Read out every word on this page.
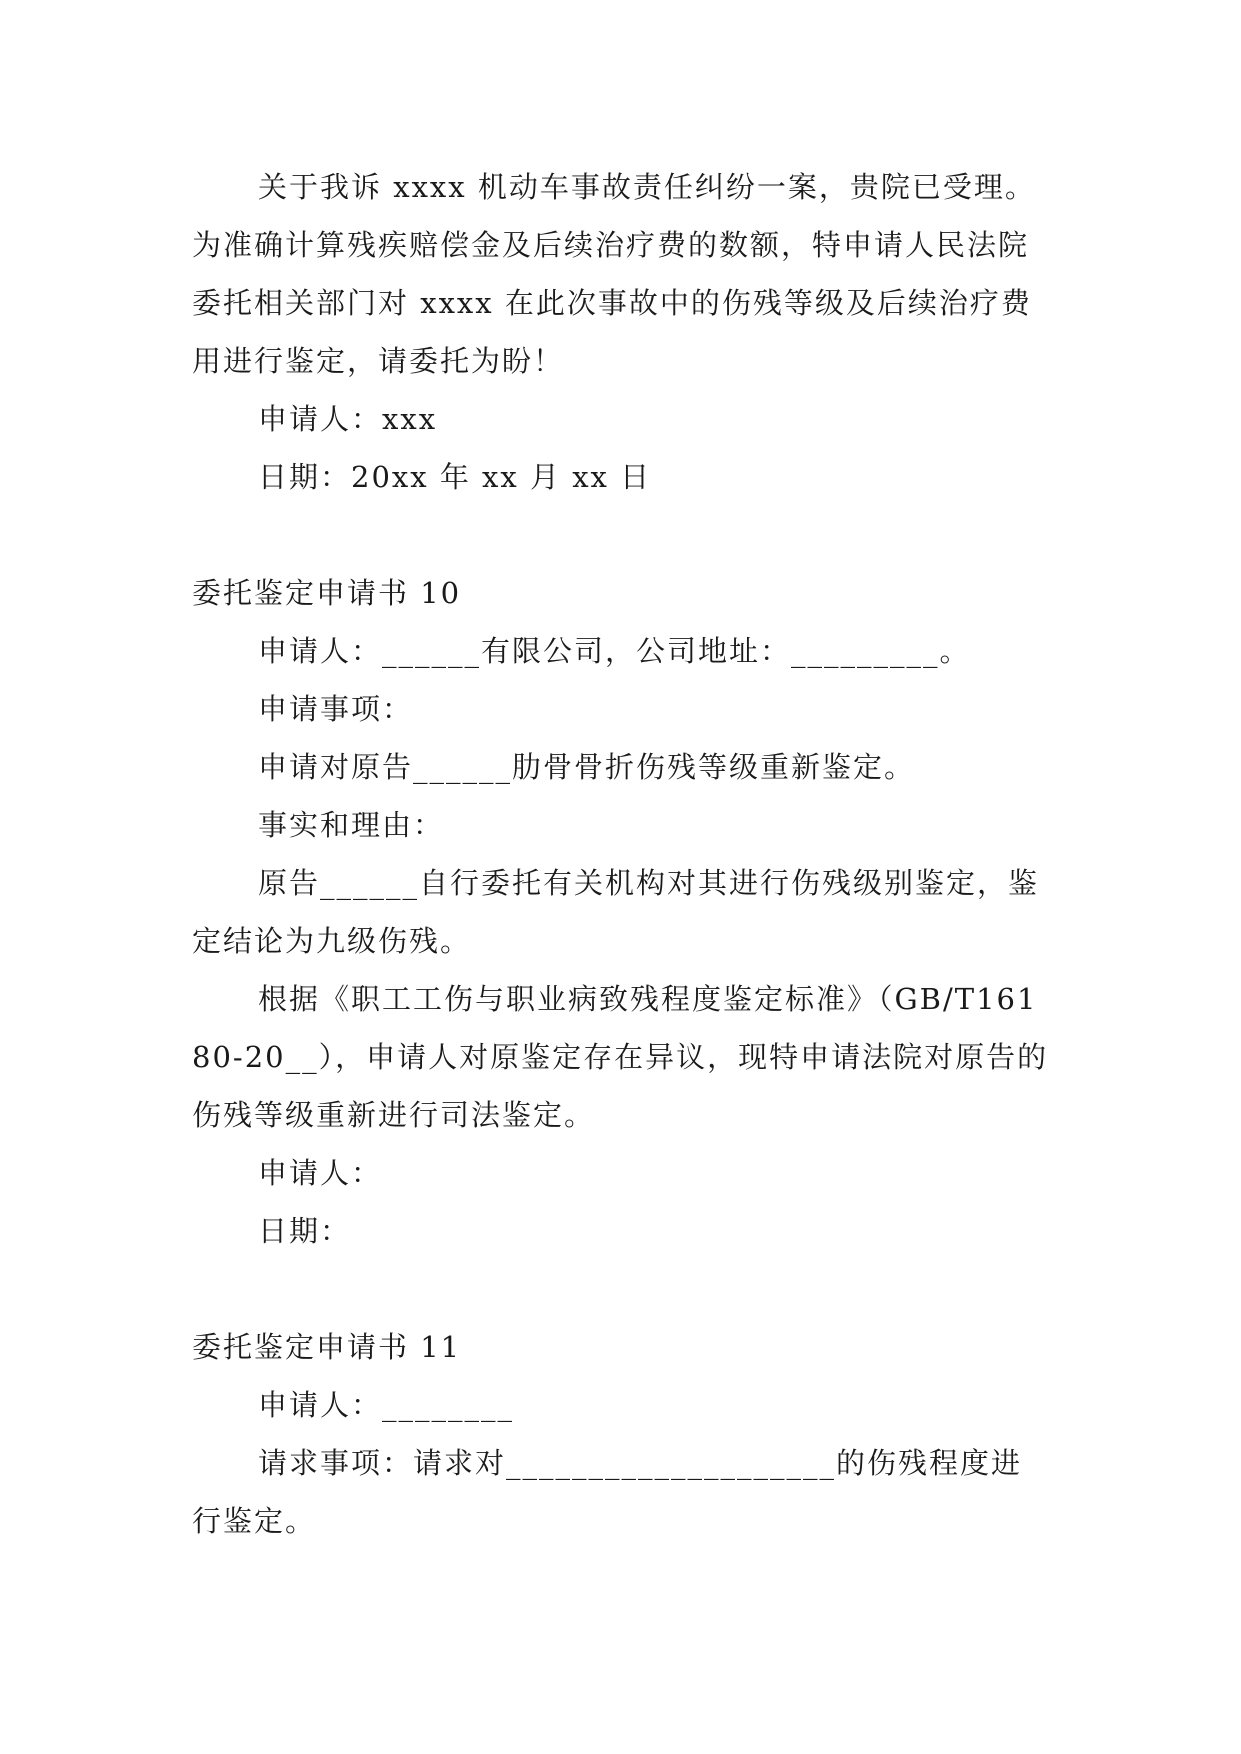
关于我诉 xxxx 机动车事故责任纠纷一案，贵院已受理。为准确计算残疾赔偿金及后续治疗费的数额，特申请人民法院委托相关部门对 xxxx 在此次事故中的伤残等级及后续治疗费用进行鉴定，请委托为盼！

申请人：xxx

日期：20xx 年 xx 月 xx 日

委托鉴定申请书 10

申请人：______有限公司，公司地址：_________。

申请事项：

申请对原告______肋骨骨折伤残等级重新鉴定。

事实和理由：

原告______自行委托有关机构对其进行伤残级别鉴定，鉴定结论为九级伤残。

根据《职工工伤与职业病致残程度鉴定标准》（GB/T16180-20__），申请人对原鉴定存在异议，现特申请法院对原告的伤残等级重新进行司法鉴定。

申请人：

日期：

委托鉴定申请书 11

申请人：________

请求事项：请求对____________________的伤残程度进行鉴定。
